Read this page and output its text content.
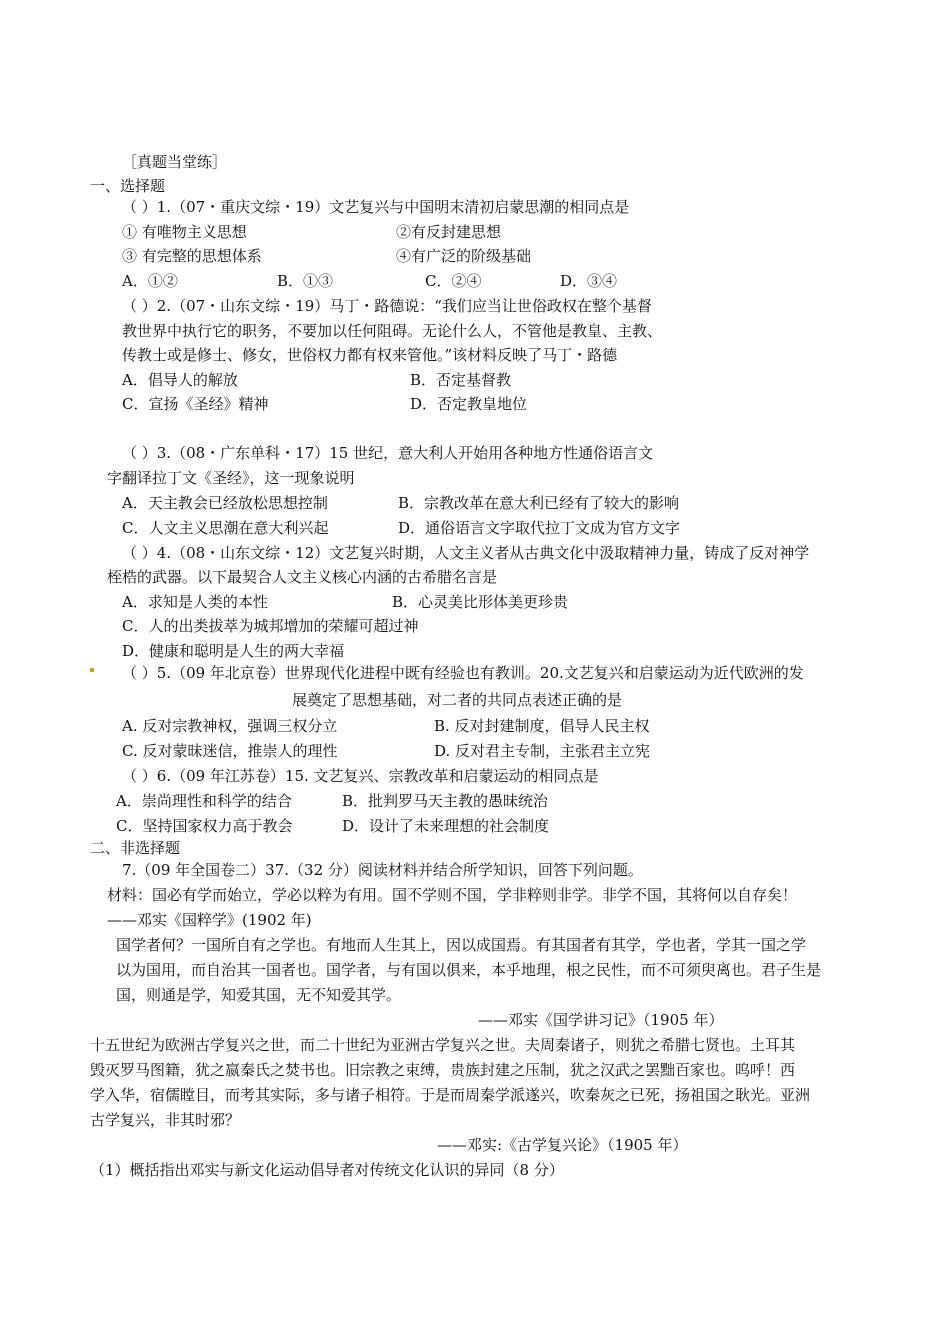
［真题当堂练］
一、选择题
（ ）1.（07・重庆文综・19）文艺复兴与中国明末清初启蒙思潮的相同点是
① 有唯物主义思想	②有反封建思想
③ 有完整的思想体系	④有广泛的阶级基础
A．①②	B．①③	C．②④	D．③④
（ ）2.（07・山东文综・19）马丁・路德说：“我们应当让世俗政权在整个基督
教世界中执行它的职务，不要加以任何阻碍。无论什么人，不管他是教皇、主教、
传教士或是修士、修女，世俗权力都有权来管他。”该材料反映了马丁・路德
A．倡导人的解放	B．否定基督教
C．宣扬《圣经》精神	D．否定教皇地位
（ ）3.（08・广东单科・17）15 世纪，意大利人开始用各种地方性通俗语言文
字翻译拉丁文《圣经》，这一现象说明
A．天主教会已经放松思想控制	B．宗教改革在意大利已经有了较大的影响
C．人文主义思潮在意大利兴起	D．通俗语言文字取代拉丁文成为官方文字
（ ）4.（08・山东文综・12）文艺复兴时期，人文主义者从古典文化中汲取精神力量，铸成了反对神学
桎梏的武器。以下最契合人文主义核心内涵的古希腊名言是
A．求知是人类的本性	B．心灵美比形体美更珍贵
C．人的出类拔萃为城邦增加的荣耀可超过神
D．健康和聪明是人生的两大幸福
（ ）5.（09 年北京卷）世界现代化进程中既有经验也有教训。20.文艺复兴和启蒙运动为近代欧洲的发
展奠定了思想基础，对二者的共同点表述正确的是
A. 反对宗教神权，强调三权分立	B. 反对封建制度，倡导人民主权
C. 反对蒙昧迷信，推崇人的理性	D. 反对君主专制，主张君主立宪
（ ）6.（09 年江苏卷）15. 文艺复兴、宗教改革和启蒙运动的相同点是
A．崇尚理性和科学的结合	B．批判罗马天主教的愚昧统治
C．坚持国家权力高于教会	D．设计了未来理想的社会制度
二、非选择题
7.（09 年全国卷二）37.（32 分）阅读材料并结合所学知识，回答下列问题。
材料：国必有学而始立，学必以粹为有用。国不学则不国，学非粹则非学。非学不国，其将何以自存矣！
——邓实《国粹学》(1902 年)
国学者何？一国所自有之学也。有地而人生其上，因以成国焉。有其国者有其学，学也者，学其一国之学
以为国用，而自治其一国者也。国学者，与有国以俱来，本乎地理，根之民性，而不可须臾离也。君子生是
国，则通是学，知爱其国，无不知爱其学。
——邓实《国学讲习记》（1905 年）
十五世纪为欧洲古学复兴之世，而二十世纪为亚洲古学复兴之世。夫周秦诸子，则犹之希腊七贤也。土耳其
毁灭罗马图籍，犹之嬴秦氏之焚书也。旧宗教之束缚，贵族封建之压制，犹之汉武之罢黜百家也。呜呼！西
学入华，宿儒瞠目，而考其实际，多与诸子相符。于是而周秦学派遂兴，吹秦灰之已死，扬祖国之耿光。亚洲
古学复兴，非其时邪？
——邓实:《古学复兴论》（1905 年）
（1）概括指出邓实与新文化运动倡导者对传统文化认识的异同（8 分）
